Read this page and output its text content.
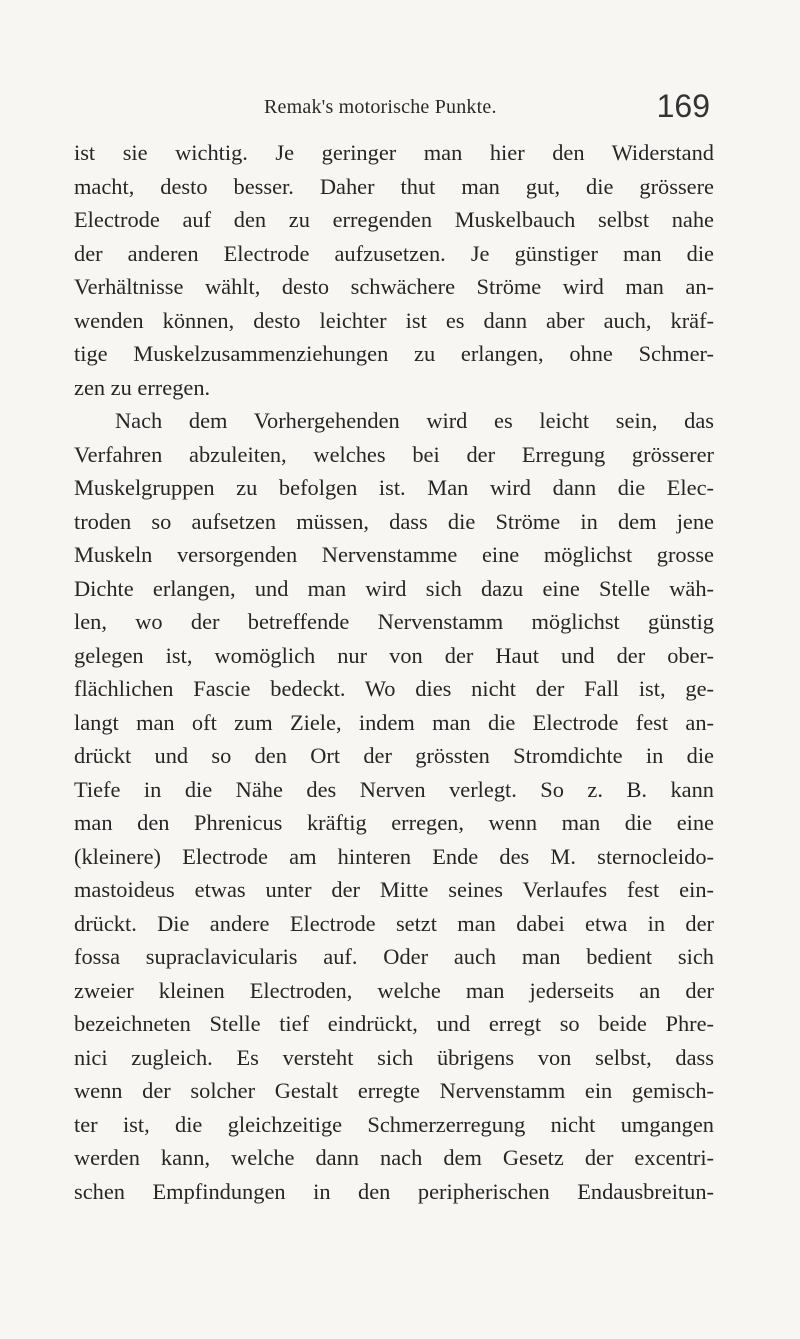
Remak's motorische Punkte.	169
ist sie wichtig. Je geringer man hier den Widerstand
macht, desto besser. Daher thut man gut, die grössere
Electrode auf den zu erregenden Muskelbauch selbst nahe
der anderen Electrode aufzusetzen. Je günstiger man die
Verhältnisse wählt, desto schwächere Ströme wird man an-
wenden können, desto leichter ist es dann aber auch, kräf-
tige Muskelzusammenziehungen zu erlangen, ohne Schmer-
zen zu erregen.
Nach dem Vorhergehenden wird es leicht sein, das
Verfahren abzuleiten, welches bei der Erregung grösserer
Muskelgruppen zu befolgen ist. Man wird dann die Elec-
troden so aufsetzen müssen, dass die Ströme in dem jene
Muskeln versorgenden Nervenstamme eine möglichst grosse
Dichte erlangen, und man wird sich dazu eine Stelle wäh-
len, wo der betreffende Nervenstamm möglichst günstig
gelegen ist, womöglich nur von der Haut und der ober-
flächlichen Fascie bedeckt. Wo dies nicht der Fall ist, ge-
langt man oft zum Ziele, indem man die Electrode fest an-
drückt und so den Ort der grössten Stromdichte in die
Tiefe in die Nähe des Nerven verlegt. So z. B. kann
man den Phrenicus kräftig erregen, wenn man die eine
(kleinere) Electrode am hinteren Ende des M. sternocleido-
mastoideus etwas unter der Mitte seines Verlaufes fest ein-
drückt. Die andere Electrode setzt man dabei etwa in der
fossa supraclavicularis auf. Oder auch man bedient sich
zweier kleinen Electroden, welche man jederseits an der
bezeichneten Stelle tief eindrückt, und erregt so beide Phre-
nici zugleich. Es versteht sich übrigens von selbst, dass
wenn der solcher Gestalt erregte Nervenstamm ein gemisch-
ter ist, die gleichzeitige Schmerzerregung nicht umgangen
werden kann, welche dann nach dem Gesetz der excentri-
schen Empfindungen in den peripherischen Endausbreitun-
